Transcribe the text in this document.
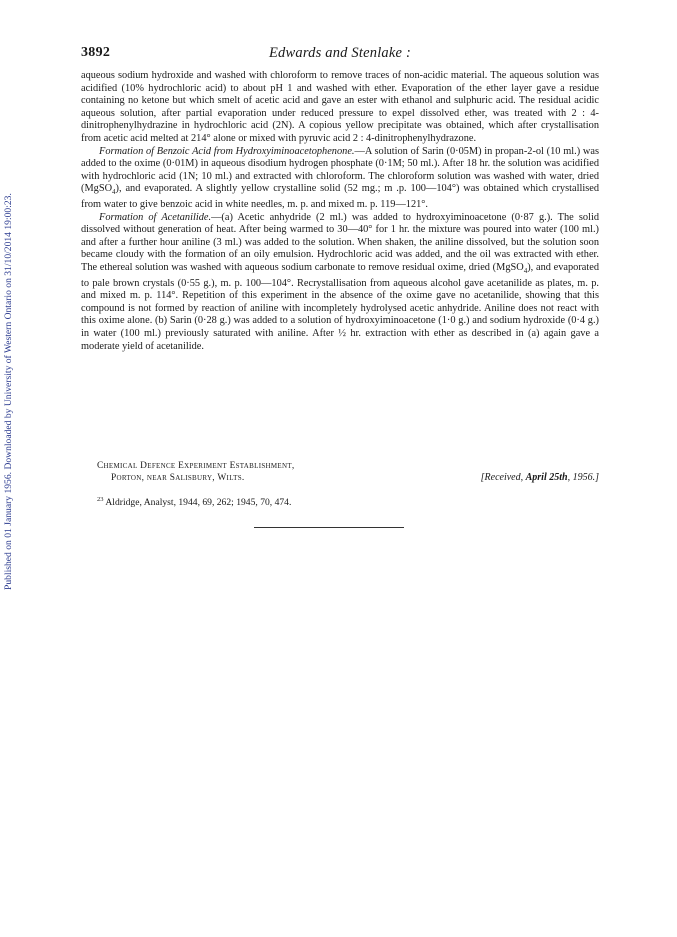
Published on 01 January 1956. Downloaded by University of Western Ontario on 31/10/2014 19:00:23.
3892	Edwards and Stenlake :

aqueous sodium hydroxide and washed with chloroform to remove traces of non-acidic material. The aqueous solution was acidified (10% hydrochloric acid) to about pH 1 and washed with ether. Evaporation of the ether layer gave a residue containing no ketone but which smelt of acetic acid and gave an ester with ethanol and sulphuric acid. The residual acidic aqueous solution, after partial evaporation under reduced pressure to expel dissolved ether, was treated with 2 : 4-dinitrophenylhydrazine in hydrochloric acid (2N). A copious yellow precipitate was obtained, which after crystallisation from acetic acid melted at 214° alone or mixed with pyruvic acid 2 : 4-dinitrophenylhydrazone.

Formation of Benzoic Acid from Hydroxyiminoacetophenone.—A solution of Sarin (0·05M) in propan-2-ol (10 ml.) was added to the oxime (0·01M) in aqueous disodium hydrogen phosphate (0·1M; 50 ml.). After 18 hr. the solution was acidified with hydrochloric acid (1N; 10 ml.) and extracted with chloroform. The chloroform solution was washed with water, dried (MgSO$_4$), and evaporated. A slightly yellow crystalline solid (52 mg.; m .p. 100—104°) was obtained which crystallised from water to give benzoic acid in white needles, m. p. and mixed m. p. 119—121°.

Formation of Acetanilide.—(a) Acetic anhydride (2 ml.) was added to hydroxyiminoacetone (0·87 g.). The solid dissolved without generation of heat. After being warmed to 30—40° for 1 hr. the mixture was poured into water (100 ml.) and after a further hour aniline (3 ml.) was added to the solution. When shaken, the aniline dissolved, but the solution soon became cloudy with the formation of an oily emulsion. Hydrochloric acid was added, and the oil was extracted with ether. The ethereal solution was washed with aqueous sodium carbonate to remove residual oxime, dried (MgSO$_4$), and evaporated to pale brown crystals (0·55 g.), m. p. 100—104°. Recrystallisation from aqueous alcohol gave acetanilide as plates, m. p. and mixed m. p. 114°. Repetition of this experiment in the absence of the oxime gave no acetanilide, showing that this compound is not formed by reaction of aniline with incompletely hydrolysed acetic anhydride. Aniline does not react with this oxime alone. (b) Sarin (0·28 g.) was added to a solution of hydroxyiminoacetone (1·0 g.) and sodium hydroxide (0·4 g.) in water (100 ml.) previously saturated with aniline. After ½ hr. extraction with ether as described in (a) again gave a moderate yield of acetanilide.

Chemical Defence Experiment Establishment,
Porton, near Salisbury, Wilts.	[Received, April 25th, 1956.]
$^{23}$ Aldridge, Analyst, 1944, 69, 262; 1945, 70, 474.
